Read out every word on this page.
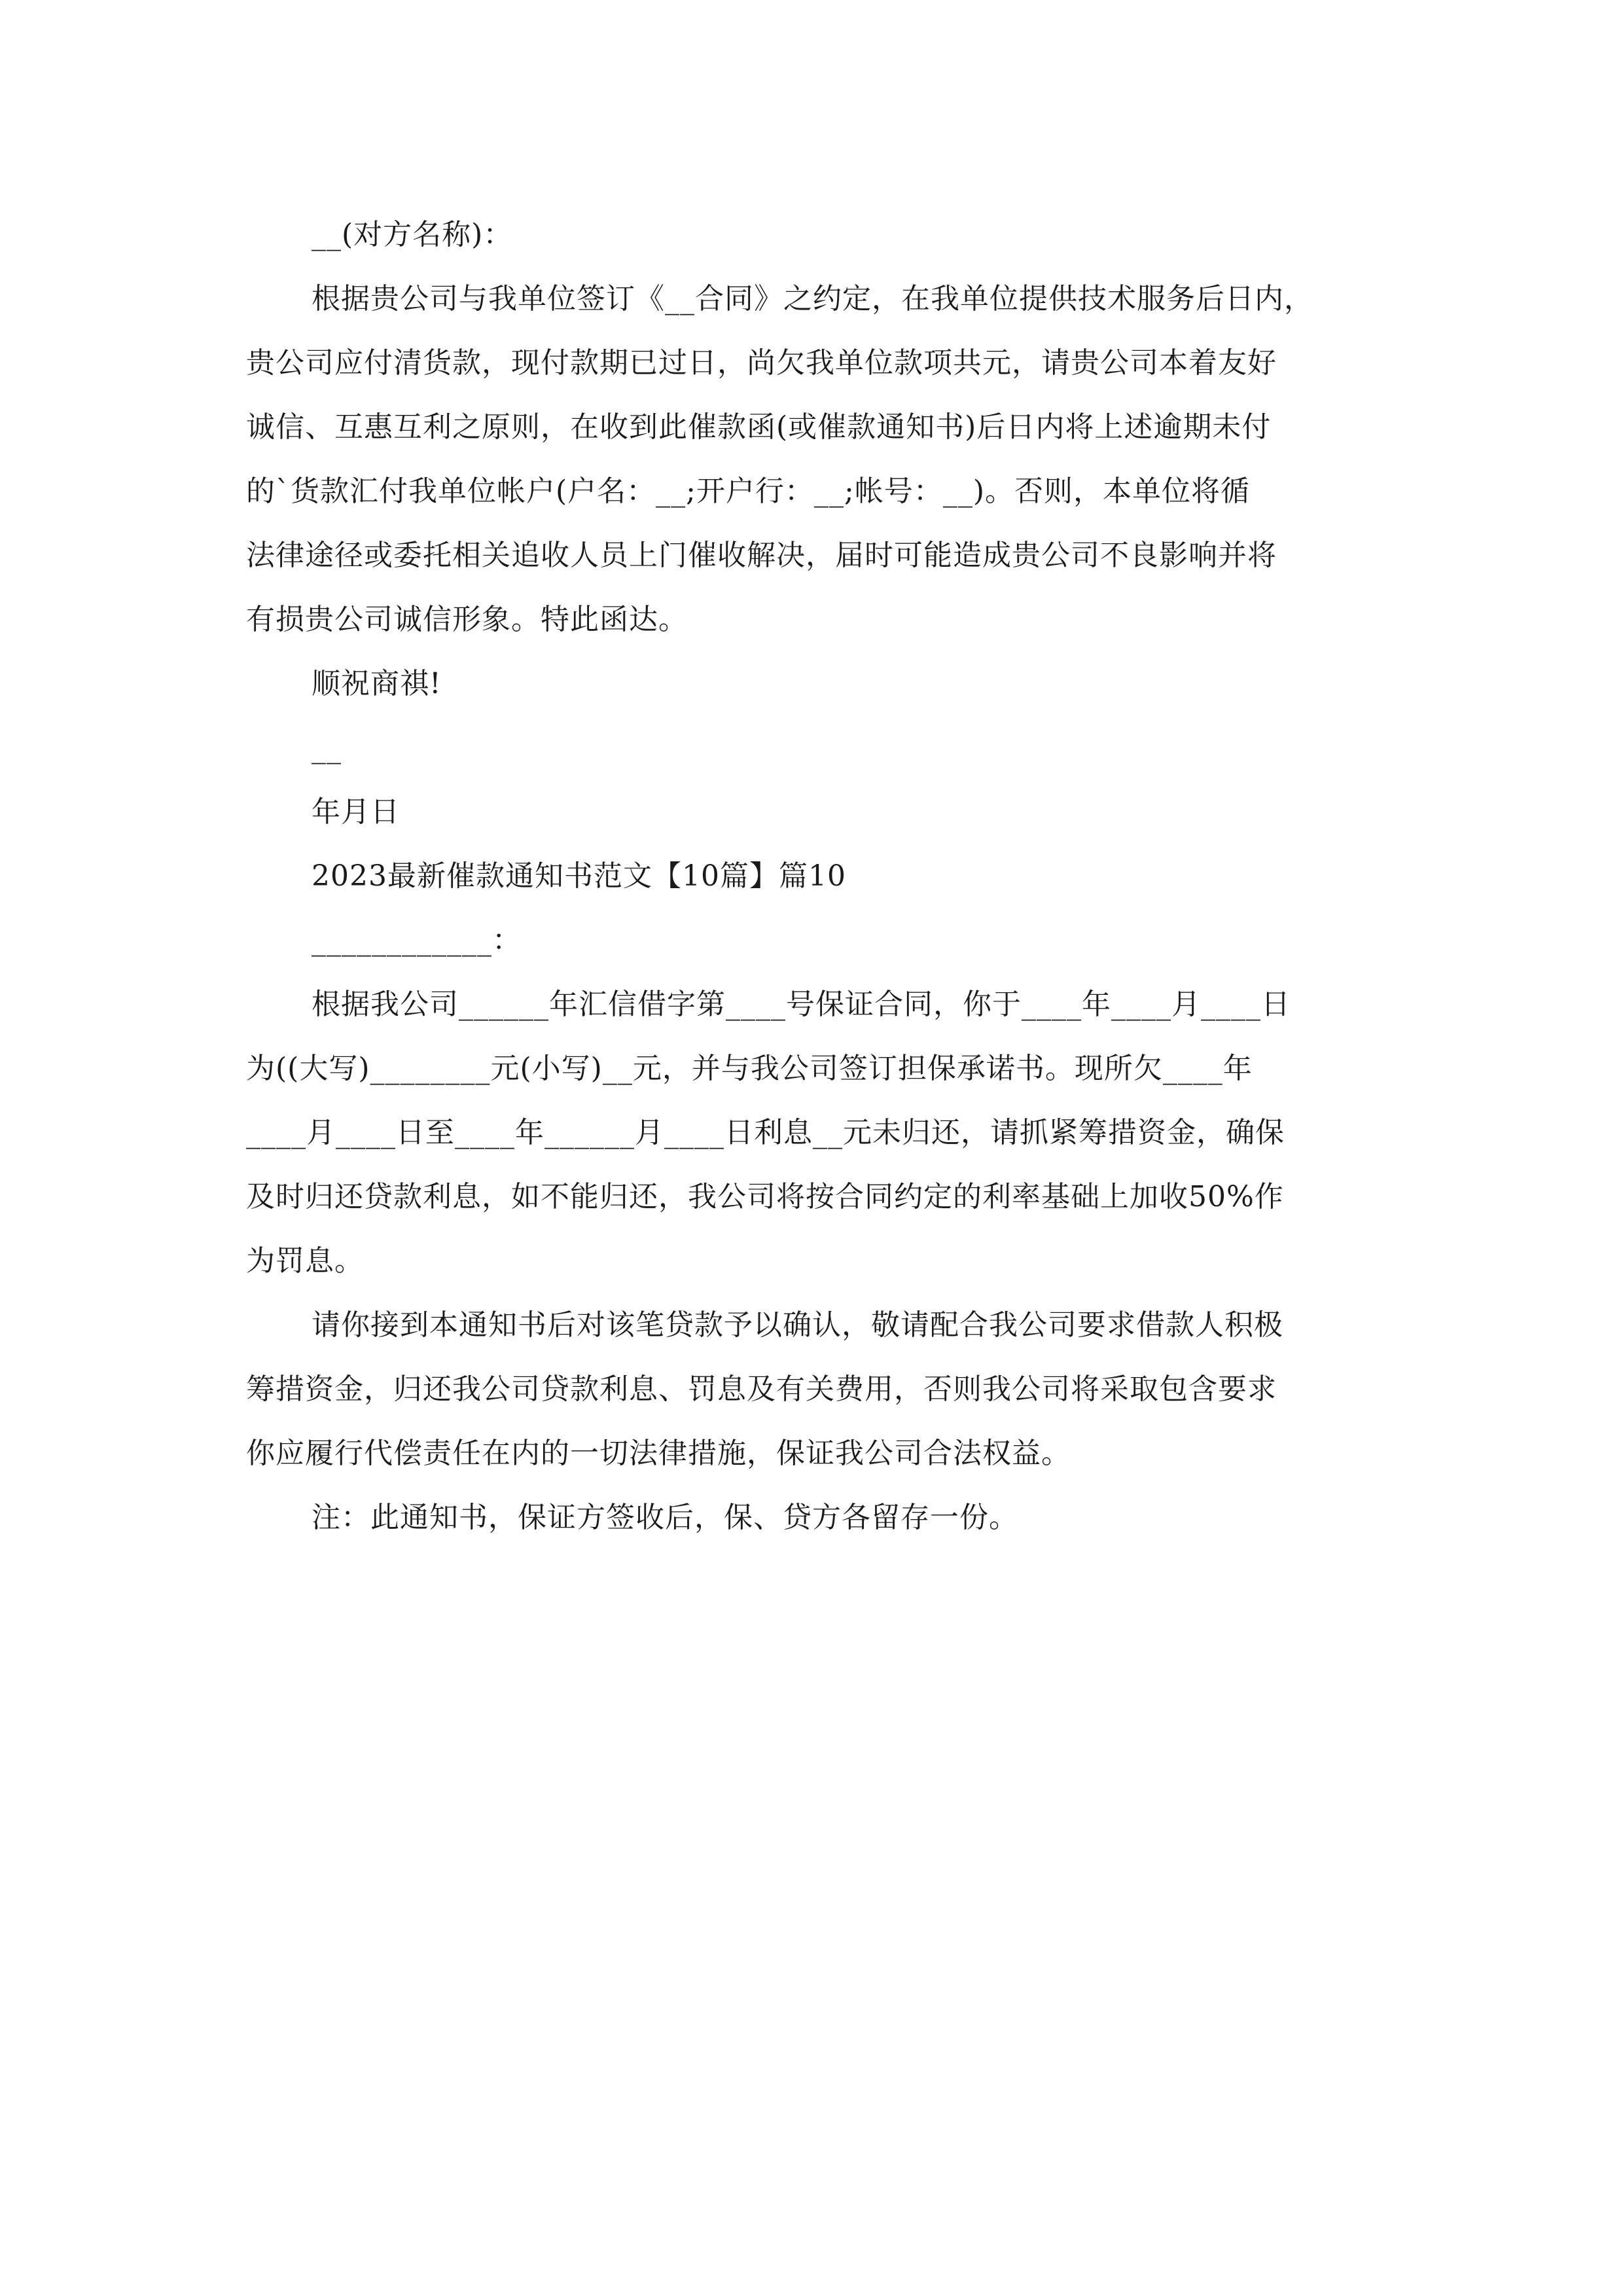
__(对方名称)：
根据贵公司与我单位签订《__合同》之约定，在我单位提供技术服务后日内，
贵公司应付清货款，现付款期已过日，尚欠我单位款项共元，请贵公司本着友好
诚信、互惠互利之原则，在收到此催款函(或催款通知书)后日内将上述逾期未付
的`货款汇付我单位帐户(户名：__;开户行：__;帐号：__)。否则，本单位将循
法律途径或委托相关追收人员上门催收解决，届时可能造成贵公司不良影响并将
有损贵公司诚信形象。特此函达。
顺祝商祺!
__
年月日
2023最新催款通知书范文【10篇】篇10
____________：
根据我公司______年汇信借字第____号保证合同，你于____年____月____日
为((大写)________元(小写)__元，并与我公司签订担保承诺书。现所欠____年
____月____日至____年______月____日利息__元未归还，请抓紧筹措资金，确保
及时归还贷款利息，如不能归还，我公司将按合同约定的利率基础上加收50%作
为罚息。
请你接到本通知书后对该笔贷款予以确认，敬请配合我公司要求借款人积极
筹措资金，归还我公司贷款利息、罚息及有关费用，否则我公司将采取包含要求
你应履行代偿责任在内的一切法律措施，保证我公司合法权益。
注：此通知书，保证方签收后，保、贷方各留存一份。
